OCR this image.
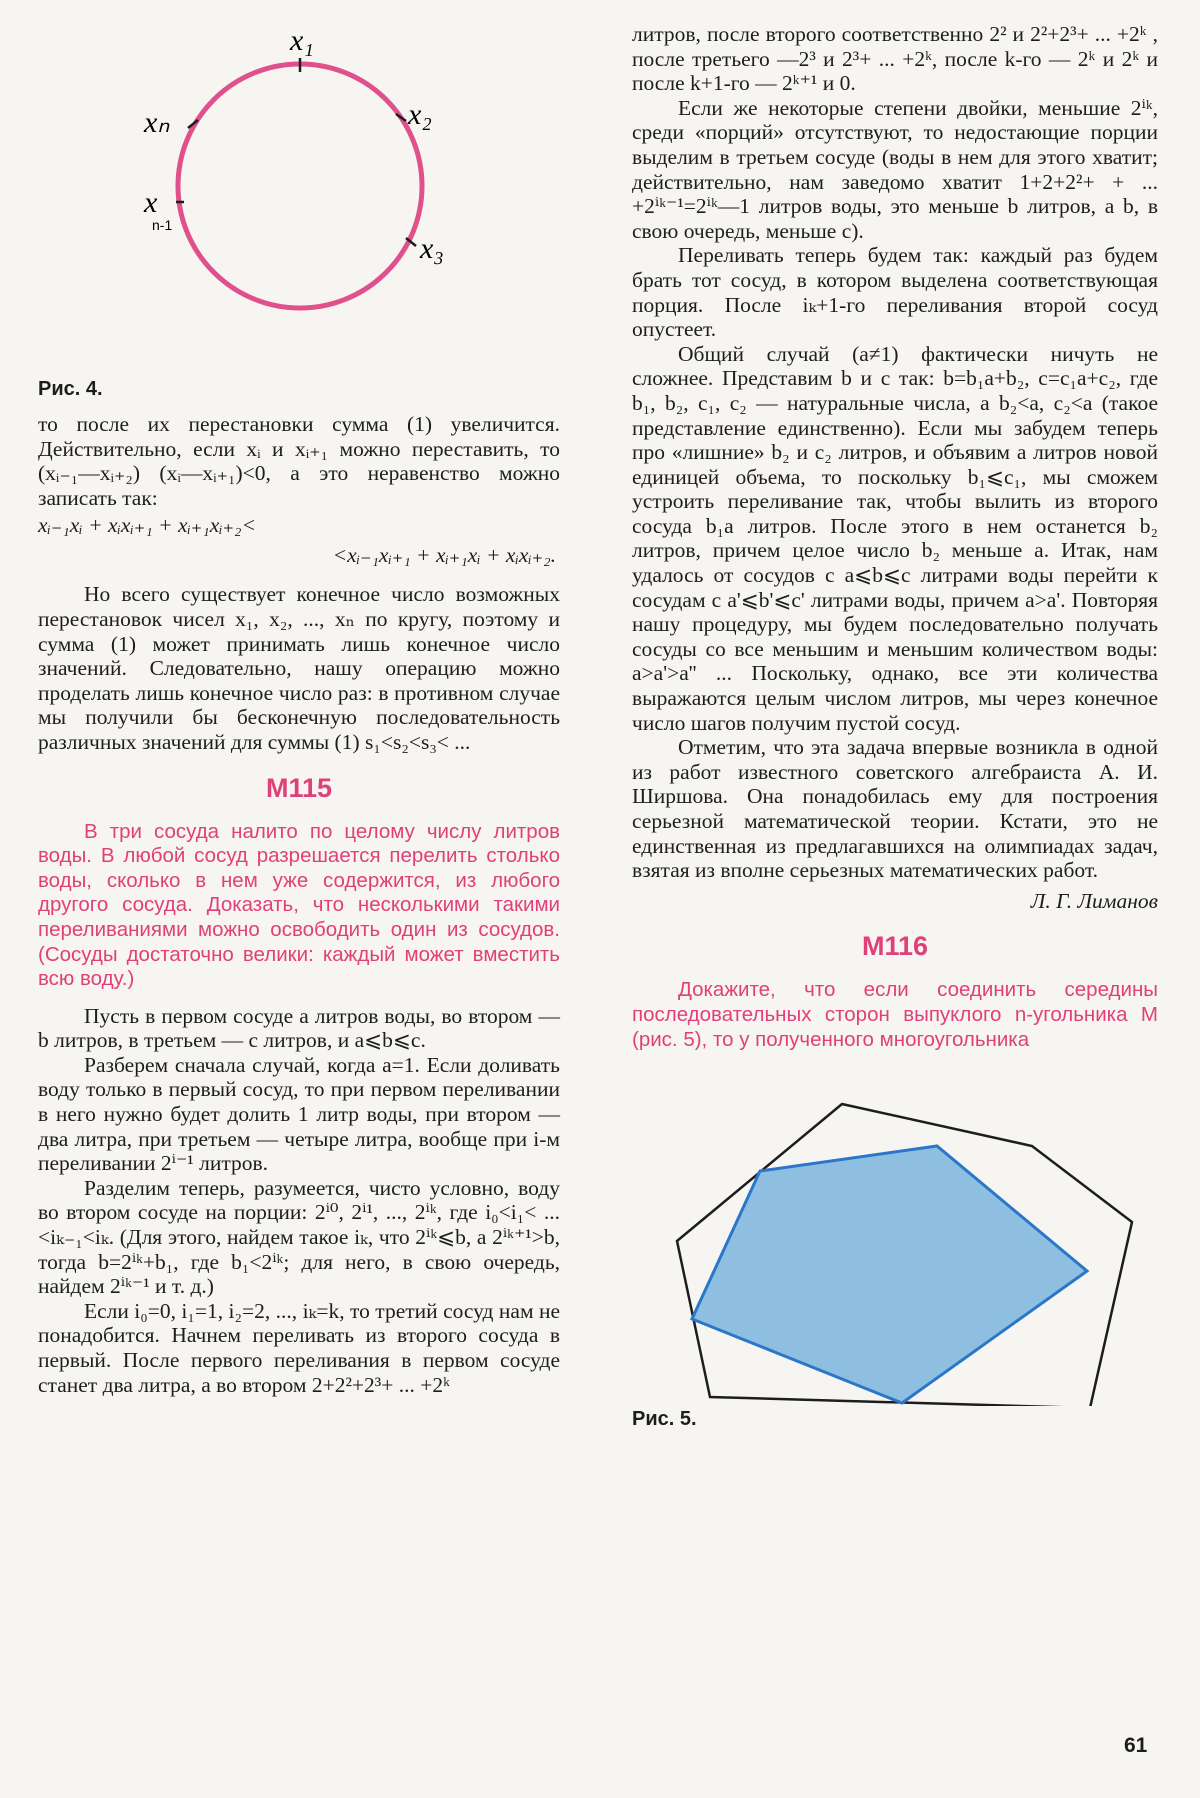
x₁
x₂
x₃
xₙ
x
n-1
Рис. 4.

то после их перестановки сумма (1) увеличится. Действительно, если xᵢ и xᵢ₊₁ можно переставить, то (xᵢ₋₁—xᵢ₊₂) (xᵢ—xᵢ₊₁)<0, а это неравенство можно записать так:

xᵢ₋₁xᵢ + xᵢxᵢ₊₁ + xᵢ₊₁xᵢ₊₂<

<xᵢ₋₁xᵢ₊₁ + xᵢ₊₁xᵢ + xᵢxᵢ₊₂.

Но всего существует конечное число возможных перестановок чисел x₁, x₂, ..., xₙ по кругу, поэтому и сумма (1) может принимать лишь конечное число значений. Следовательно, нашу операцию можно проделать лишь конечное число раз: в противном случае мы получили бы бесконечную последовательность различных значений для суммы (1) s₁<s₂<s₃< ...

M115

В три сосуда налито по целому числу литров воды. В любой сосуд разрешается перелить столько воды, сколько в нем уже содержится, из любого другого сосуда. Доказать, что несколькими такими переливаниями можно освободить один из сосудов. (Сосуды достаточно велики: каждый может вместить всю воду.)

Пусть в первом сосуде a литров воды, во втором — b литров, в третьем — c литров, и a⩽b⩽c.

Разберем сначала случай, когда a=1. Если доливать воду только в первый сосуд, то при первом переливании в него нужно будет долить 1 литр воды, при втором — два литра, при третьем — четыре литра, вообще при i-м переливании 2ⁱ⁻¹ литров.

Разделим теперь, разумеется, чисто условно, воду во втором сосуде на порции: 2ⁱ⁰, 2ⁱ¹, ..., 2ⁱᵏ, где i₀<i₁< ... <iₖ₋₁<iₖ. (Для этого, найдем такое iₖ, что 2ⁱᵏ⩽b, а 2ⁱᵏ⁺¹>b, тогда b=2ⁱᵏ+b₁, где b₁<2ⁱᵏ; для него, в свою очередь, найдем 2ⁱᵏ⁻¹ и т. д.)

Если i₀=0, i₁=1, i₂=2, ..., iₖ=k, то третий сосуд нам не понадобится. Начнем переливать из второго сосуда в первый. После первого переливания в первом сосуде станет два литра, а во втором 2+2²+2³+ ... +2ᵏ

литров, после второго соответственно 2² и 2²+2³+ ... +2ᵏ , после третьего —2³ и 2³+ ... +2ᵏ, после k-го — 2ᵏ и 2ᵏ и после k+1-го — 2ᵏ⁺¹ и 0.

Если же некоторые степени двойки, меньшие 2ⁱᵏ, среди «порций» отсутствуют, то недостающие порции выделим в третьем сосуде (воды в нем для этого хватит; действительно, нам заведомо хватит 1+2+2²+ + ... +2ⁱᵏ⁻¹=2ⁱᵏ—1 литров воды, это меньше b литров, а b, в свою очередь, меньше c).

Переливать теперь будем так: каждый раз будем брать тот сосуд, в котором выделена соответствующая порция. После iₖ+1-го переливания второй сосуд опустеет.

Общий случай (a≠1) фактически ничуть не сложнее. Представим b и c так: b=b₁a+b₂, c=c₁a+c₂, где b₁, b₂, c₁, c₂ — натуральные числа, а b₂<a, c₂<a (такое представление единственно). Если мы забудем теперь про «лишние» b₂ и c₂ литров, и объявим a литров новой единицей объема, то поскольку b₁⩽c₁, мы сможем устроить переливание так, чтобы вылить из второго сосуда b₁a литров. После этого в нем останется b₂ литров, причем целое число b₂ меньше a. Итак, нам удалось от сосудов с a⩽b⩽c литрами воды перейти к сосудам с a'⩽b'⩽c' литрами воды, причем a>a'. Повторяя нашу процедуру, мы будем последовательно получать сосуды со все меньшим и меньшим количеством воды: a>a'>a'' ... Поскольку, однако, все эти количества выражаются целым числом литров, мы через конечное число шагов получим пустой сосуд.

Отметим, что эта задача впервые возникла в одной из работ известного советского алгебраиста А. И. Ширшова. Она понадобилась ему для построения серьезной математической теории. Кстати, это не единственная из предлагавшихся на олимпиадах задач, взятая из вполне серьезных математических работ.

Л. Г. Лиманов

M116

Докажите, что если соединить середины последовательных сторон выпуклого n-угольника M (рис. 5), то у полученного многоугольника

Рис. 5.
61
